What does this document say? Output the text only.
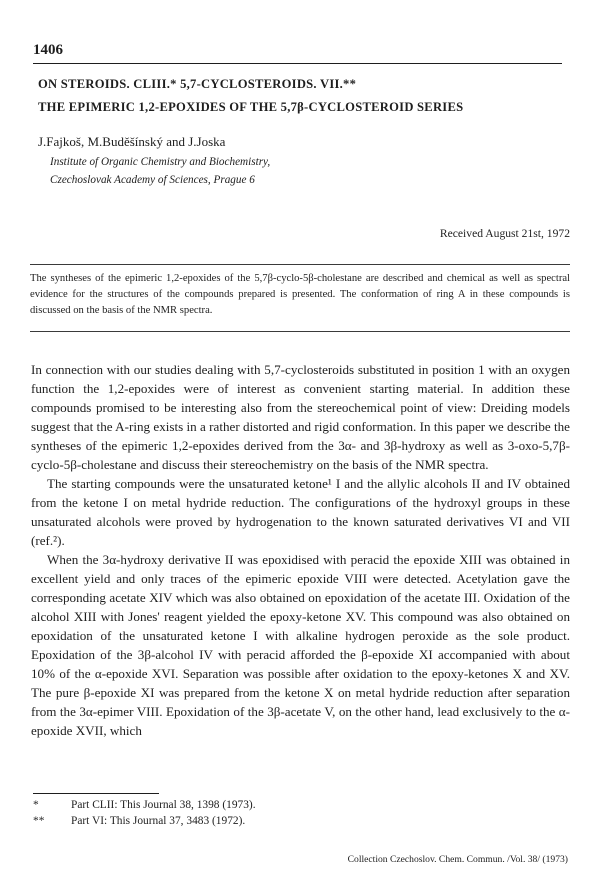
1406
ON STEROIDS. CLIII.* 5,7-CYCLOSTEROIDS. VII.**
THE EPIMERIC 1,2-EPOXIDES OF THE 5,7β-CYCLOSTEROID SERIES
J.Fajkoš, M.Buděšínský and J.Joska
Institute of Organic Chemistry and Biochemistry,
Czechoslovak Academy of Sciences, Prague 6
Received August 21st, 1972

The syntheses of the epimeric 1,2-epoxides of the 5,7β-cyclo-5β-cholestane are described and chemical as well as spectral evidence for the structures of the compounds prepared is presented. The conformation of ring A in these compounds is discussed on the basis of the NMR spectra.

In connection with our studies dealing with 5,7-cyclosteroids substituted in position 1 with an oxygen function the 1,2-epoxides were of interest as convenient starting material. In addition these compounds promised to be interesting also from the stereochemical point of view: Dreiding models suggest that the A-ring exists in a rather distorted and rigid conformation. In this paper we describe the syntheses of the epimeric 1,2-epoxides derived from the 3α- and 3β-hydroxy as well as 3-oxo-5,7β-cyclo-5β-cholestane and discuss their stereochemistry on the basis of the NMR spectra.

The starting compounds were the unsaturated ketone¹ I and the allylic alcohols II and IV obtained from the ketone I on metal hydride reduction. The configurations of the hydroxyl groups in these unsaturated alcohols were proved by hydrogenation to the known saturated derivatives VI and VII (ref.²).

When the 3α-hydroxy derivative II was epoxidised with peracid the epoxide XIII was obtained in excellent yield and only traces of the epimeric epoxide VIII were detected. Acetylation gave the corresponding acetate XIV which was also obtained on epoxidation of the acetate III. Oxidation of the alcohol XIII with Jones' reagent yielded the epoxy-ketone XV. This compound was also obtained on epoxidation of the unsaturated ketone I with alkaline hydrogen peroxide as the sole product. Epoxidation of the 3β-alcohol IV with peracid afforded the β-epoxide XI accompanied with about 10% of the α-epoxide XVI. Separation was possible after oxidation to the epoxy-ketones X and XV. The pure β-epoxide XI was prepared from the ketone X on metal hydride reduction after separation from the 3α-epimer VIII. Epoxidation of the 3β-acetate V, on the other hand, lead exclusively to the α-epoxide XVII, which

*	Part CLII: This Journal 38, 1398 (1973).
** Part VI: This Journal 37, 3483 (1972).
Collection Czechoslov. Chem. Commun. /Vol. 38/ (1973)
